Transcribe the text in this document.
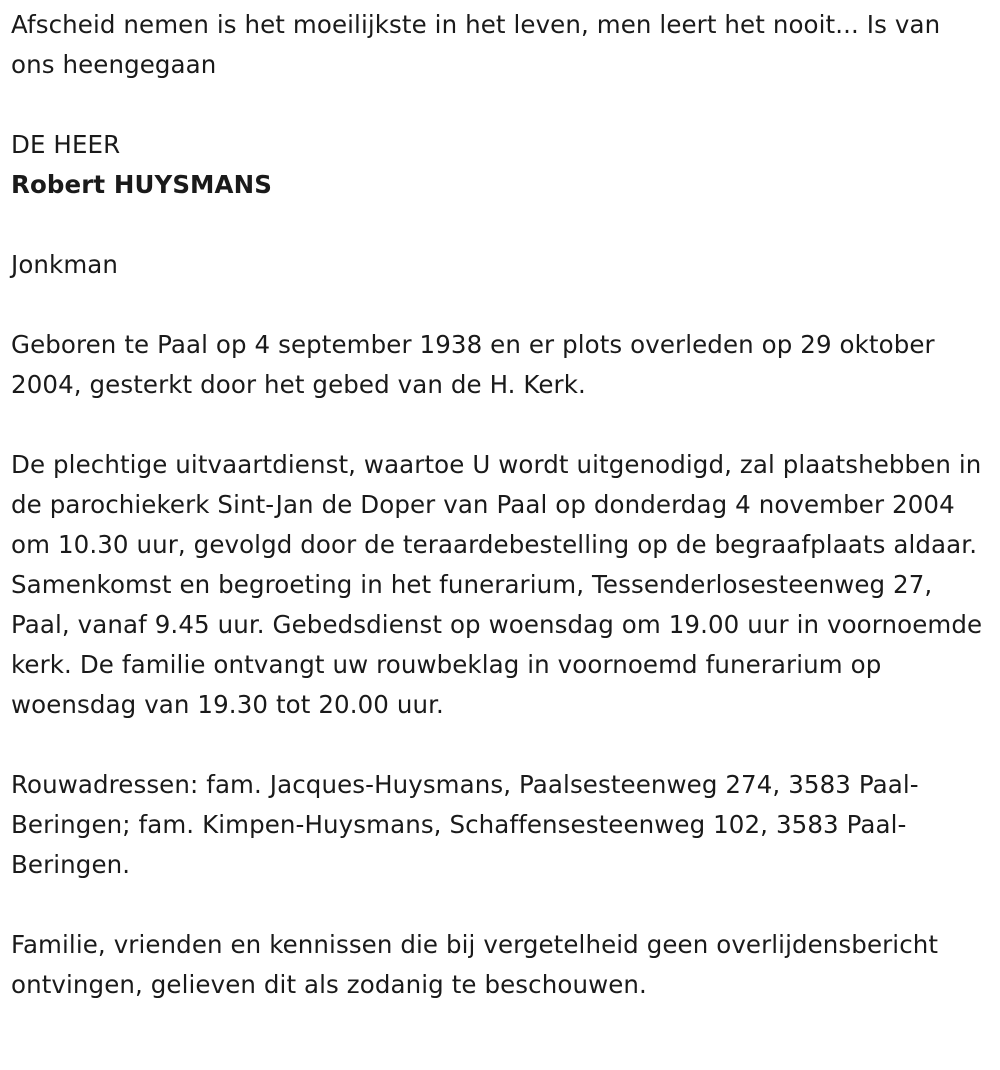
Afscheid nemen is het moeilijkste in het leven, men leert het nooit... Is van ons heengegaan

DE HEER

Robert HUYSMANS

Jonkman

Geboren te Paal op 4 september 1938 en er plots overleden op 29 oktober 2004, gesterkt door het gebed van de H. Kerk.

De plechtige uitvaartdienst, waartoe U wordt uitgenodigd, zal plaatshebben in de parochiekerk Sint-Jan de Doper van Paal op donderdag 4 november 2004 om 10.30 uur, gevolgd door de teraardebestelling op de begraafplaats aldaar. Samenkomst en begroeting in het funerarium, Tessenderlosesteenweg 27, Paal, vanaf 9.45 uur. Gebedsdienst op woensdag om 19.00 uur in voornoemde kerk. De familie ontvangt uw rouwbeklag in voornoemd funerarium op woensdag van 19.30 tot 20.00 uur.

Rouwadressen: fam. Jacques-Huysmans, Paalsesteenweg 274, 3583 Paal-Beringen; fam. Kimpen-Huysmans, Schaffensesteenweg 102, 3583 Paal-Beringen.

Familie, vrienden en kennissen die bij vergetelheid geen overlijdensbericht ontvingen, gelieven dit als zodanig te beschouwen.
